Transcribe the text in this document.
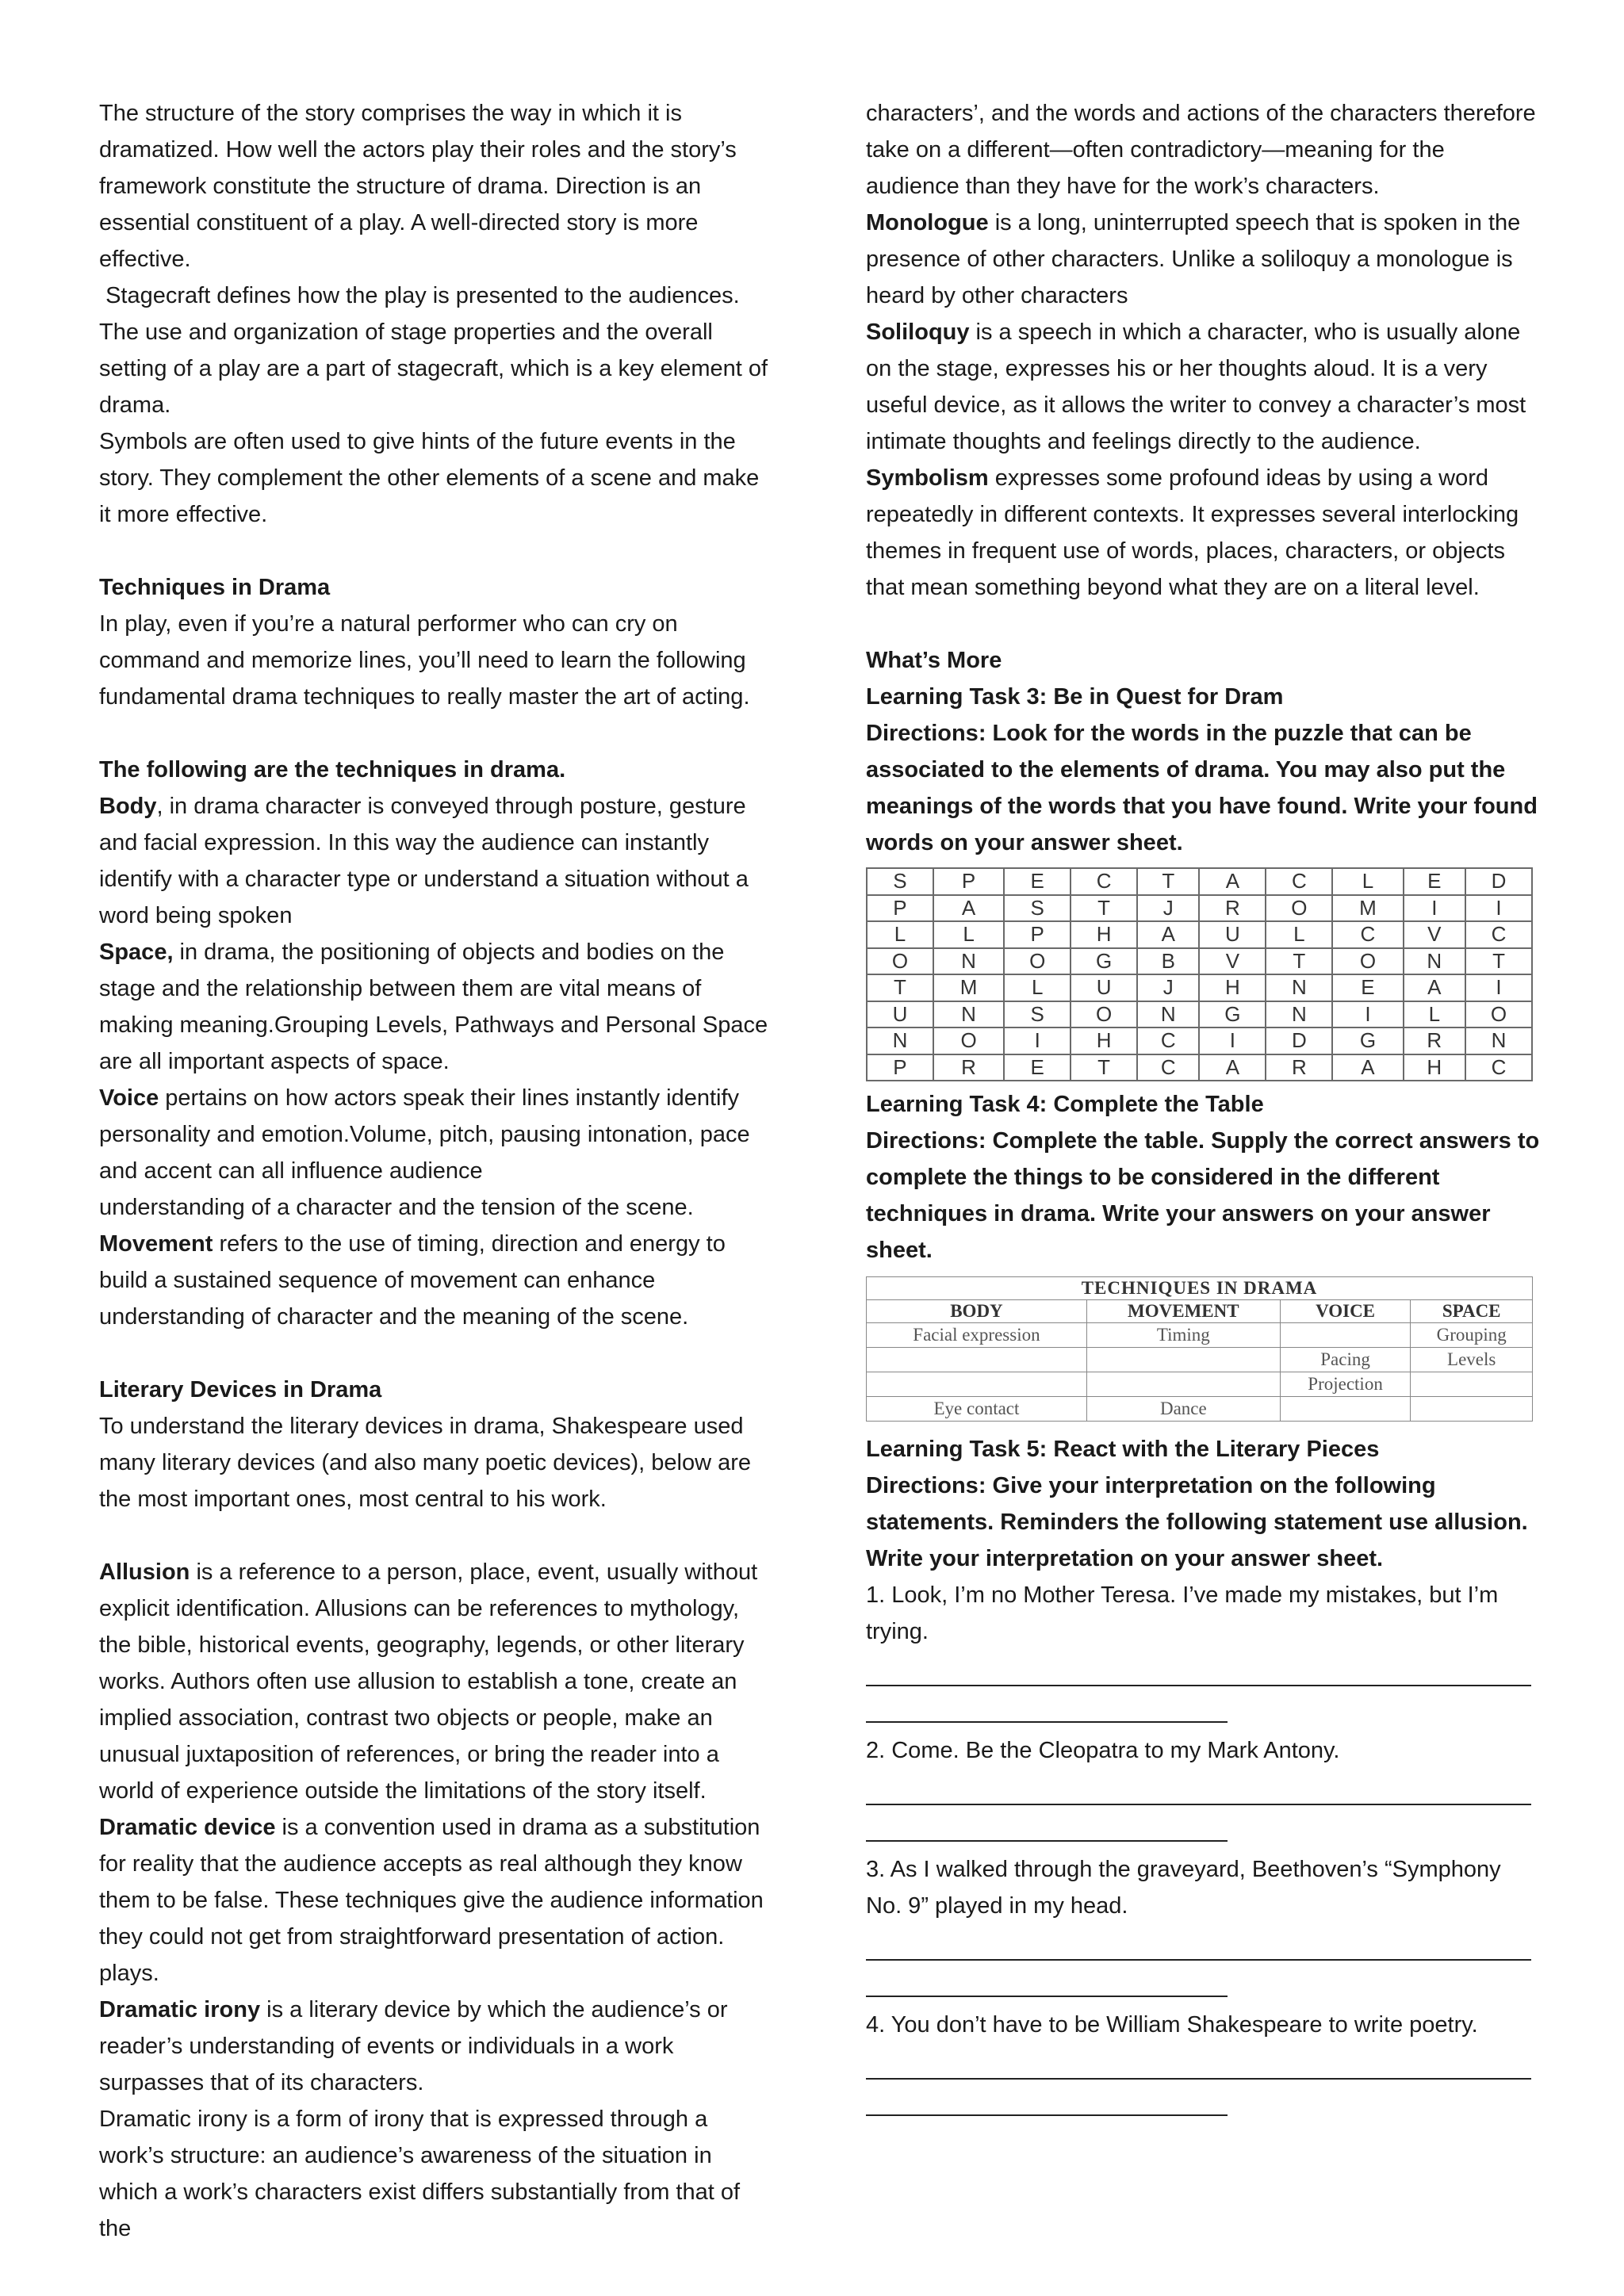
The structure of the story comprises the way in which it is dramatized. How well the actors play their roles and the story’s framework constitute the structure of drama. Direction is an essential constituent of a play. A well-directed story is more effective.

Stagecraft defines how the play is presented to the audiences. The use and organization of stage properties and the overall setting of a play are a part of stagecraft, which is a key element of drama.

Symbols are often used to give hints of the future events in the story. They complement the other elements of a scene and make it more effective.

Techniques in Drama

In play, even if you’re a natural performer who can cry on command and memorize lines, you’ll need to learn the following fundamental drama techniques to really master the art of acting.

The following are the techniques in drama.

Body, in drama character is conveyed through posture, gesture and facial expression. In this way the audience can instantly identify with a character type or understand a situation without a word being spoken

Space, in drama, the positioning of objects and bodies on the stage and the relationship between them are vital means of making meaning.Grouping Levels, Pathways and Personal Space are all important aspects of space.

Voice pertains on how actors speak their lines instantly identify personality and emotion.Volume, pitch, pausing intonation, pace and accent can all influence audience

understanding of a character and the tension of the scene.

Movement refers to the use of timing, direction and energy to build a sustained sequence of movement can enhance understanding of character and the meaning of the scene.

Literary Devices in Drama

To understand the literary devices in drama, Shakespeare used many literary devices (and also many poetic devices), below are the most important ones, most central to his work.

Allusion is a reference to a person, place, event, usually without explicit identification. Allusions can be references to mythology, the bible, historical events, geography, legends, or other literary works. Authors often use allusion to establish a tone, create an implied association, contrast two objects or people, make an unusual juxtaposition of references, or bring the reader into a world of experience outside the limitations of the story itself.

Dramatic device is a convention used in drama as a substitution for reality that the audience accepts as real although they know them to be false. These techniques give the audience information they could not get from straightforward presentation of action.

plays.

Dramatic irony is a literary device by which the audience’s or reader’s understanding of events or individuals in a work surpasses that of its characters.

Dramatic irony is a form of irony that is expressed through a work’s structure: an audience’s awareness of the situation in which a work’s characters exist differs substantially from that of the

characters’, and the words and actions of the characters therefore take on a different—often contradictory—meaning for the audience than they have for the work’s characters.

Monologue is a long, uninterrupted speech that is spoken in the presence of other characters. Unlike a soliloquy a monologue is heard by other characters

Soliloquy is a speech in which a character, who is usually alone on the stage, expresses his or her thoughts aloud. It is a very useful device, as it allows the writer to convey a character’s most intimate thoughts and feelings directly to the audience.

Symbolism expresses some profound ideas by using a word repeatedly in different contexts. It expresses several interlocking themes in frequent use of words, places, characters, or objects that mean something beyond what they are on a literal level.

What’s More

Learning Task 3: Be in Quest for Dram

Directions: Look for the words in the puzzle that can be associated to the elements of drama. You may also put the meanings of the words that you have found. Write your found words on your answer sheet.

S	P	E	C	T	A	C	L	E	D
P	A	S	T	J	R	O	M	I	I
L	L	P	H	A	U	L	C	V	C
O	N	O	G	B	V	T	O	N	T
T	M	L	U	J	H	N	E	A	I
U	N	S	O	N	G	N	I	L	O
N	O	I	H	C	I	D	G	R	N
P	R	E	T	C	A	R	A	H	C

Learning Task 4: Complete the Table

Directions: Complete the table. Supply the correct answers to complete the things to be considered in the different techniques in drama. Write your answers on your answer sheet.

TECHNIQUES IN DRAMA			
BODY	MOVEMENT	VOICE	SPACE
Facial expression	Timing		Grouping
		Pacing	Levels
		Projection	
Eye contact	Dance		

Learning Task 5: React with the Literary Pieces

Directions: Give your interpretation on the following statements. Reminders the following statement use allusion. Write your interpretation on your answer sheet.

1. Look, I’m no Mother Teresa. I’ve made my mistakes, but I’m trying.

2. Come. Be the Cleopatra to my Mark Antony.

3. As I walked through the graveyard, Beethoven’s “Symphony No. 9” played in my head.

4. You don’t have to be William Shakespeare to write poetry.
